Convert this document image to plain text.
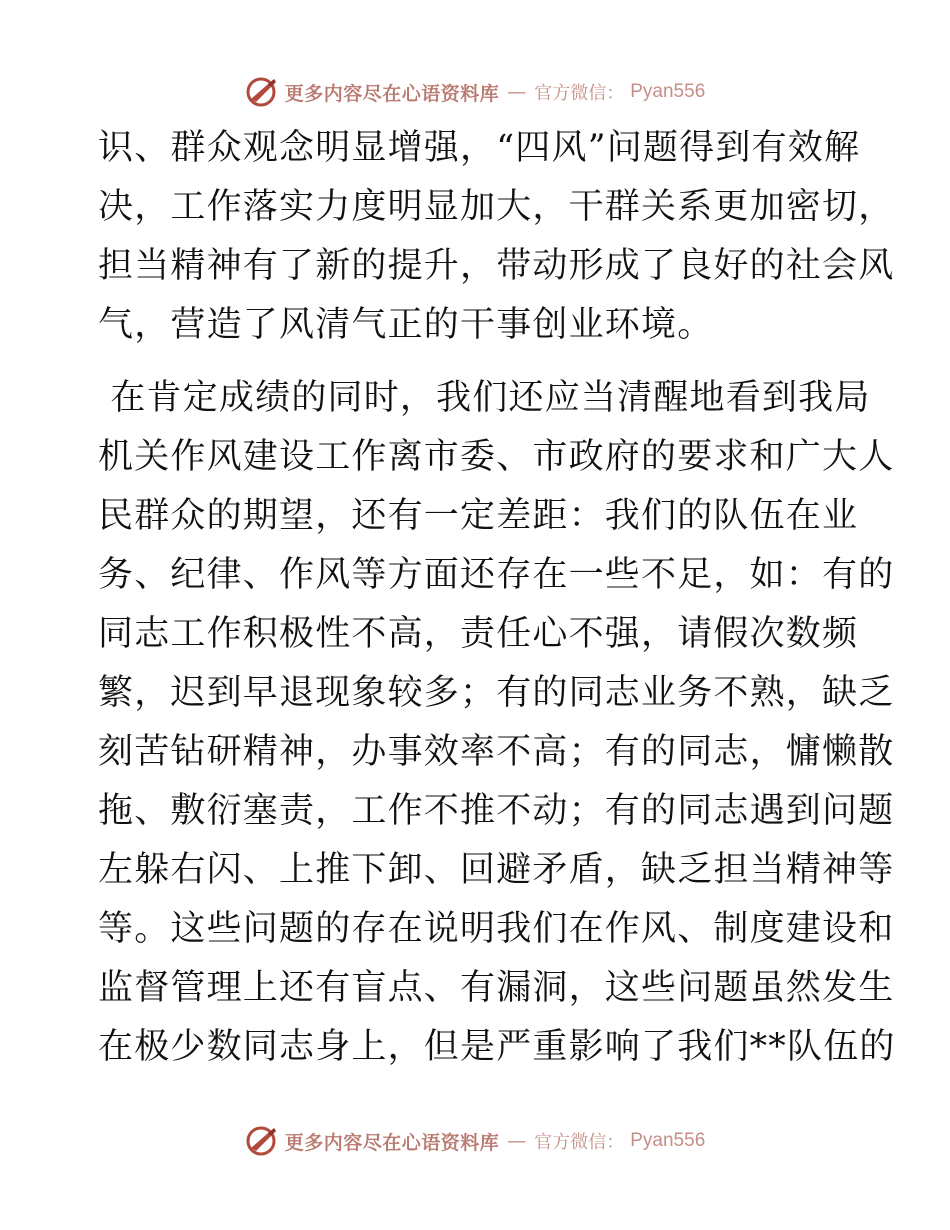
更多内容尽在心语资料库 — 官方微信： Pyan556
识、群众观念明显增强，“四风”问题得到有效解
决，工作落实力度明显加大，干群关系更加密切，
担当精神有了新的提升，带动形成了良好的社会风
气，营造了风清气正的干事创业环境。
在肯定成绩的同时，我们还应当清醒地看到我局
机关作风建设工作离市委、市政府的要求和广大人
民群众的期望，还有一定差距：我们的队伍在业
务、纪律、作风等方面还存在一些不足，如：有的
同志工作积极性不高，责任心不强，请假次数频
繁，迟到早退现象较多；有的同志业务不熟，缺乏
刻苦钻研精神，办事效率不高；有的同志，慵懒散
拖、敷衍塞责，工作不推不动；有的同志遇到问题
左躲右闪、上推下卸、回避矛盾，缺乏担当精神等
等。这些问题的存在说明我们在作风、制度建设和
监督管理上还有盲点、有漏洞，这些问题虽然发生
在极少数同志身上，但是严重影响了我们**队伍的
更多内容尽在心语资料库 — 官方微信： Pyan556
